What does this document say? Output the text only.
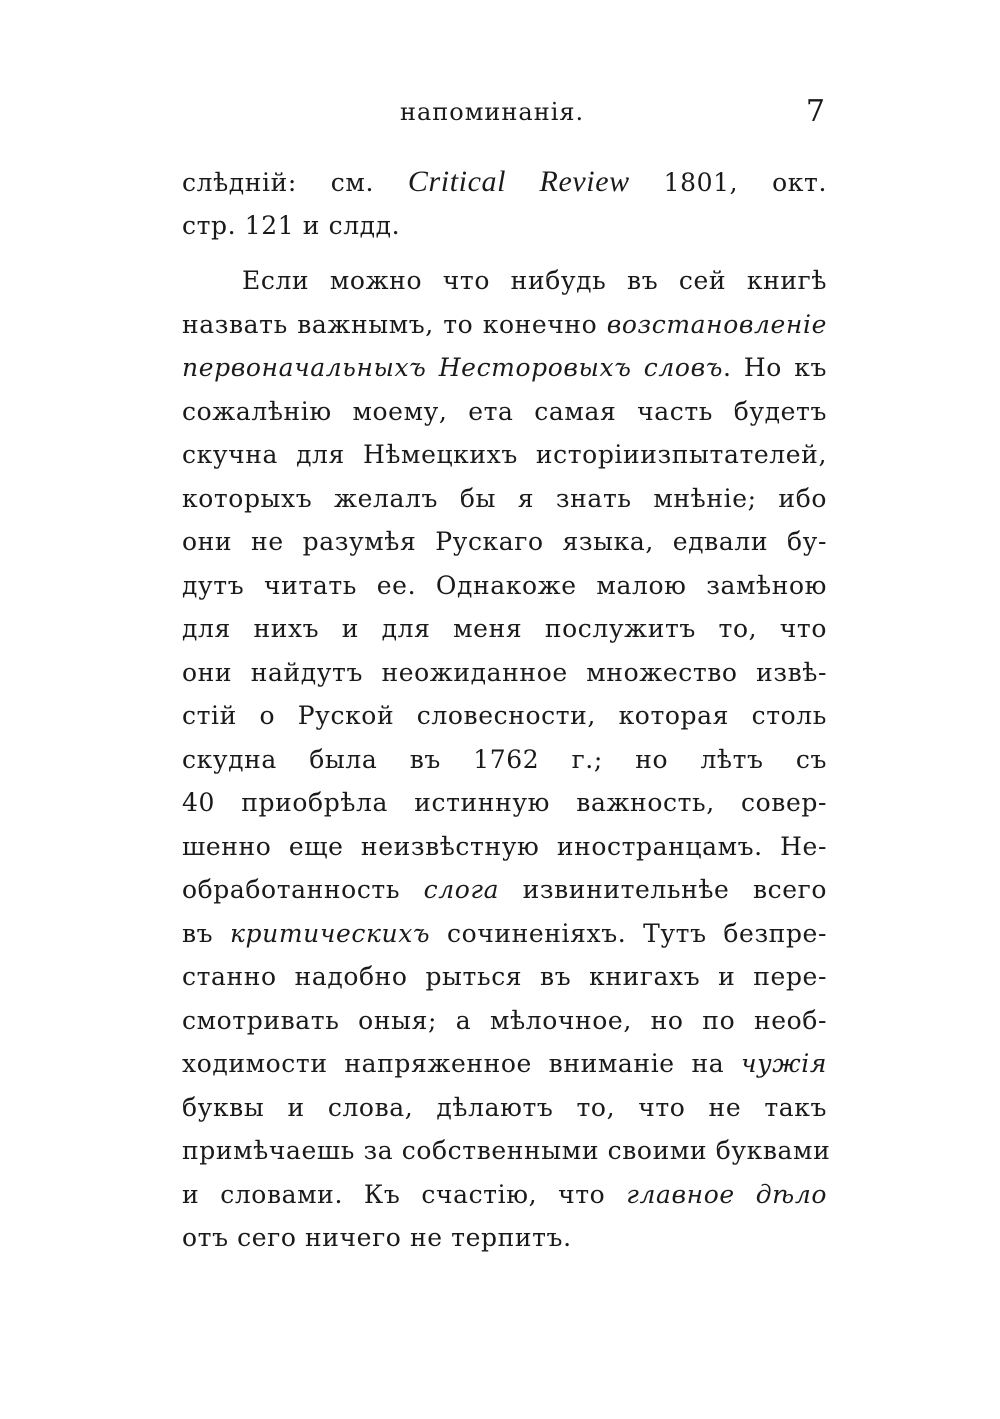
напоминанія.	7
слѣдній: см. Critical Review 1801, окт.
стр. 121 и слдд.
Если можно что нибудь въ сей книгѣ
назвать важнымъ, то конечно возстановленіе
первоначальныхъ Несторовыхъ словъ. Но къ
сожалѣнію моему, ета самая часть будетъ
скучна для Нѣмецкихъ исторіиизпытателей,
которыхъ желалъ бы я знать мнѣніе; ибо
они не разумѣя Рускаго языка, едвали бу-
дутъ читать ее. Однакоже малою замѣною
для нихъ и для меня послужитъ то, что
они найдутъ неожиданное множество извѣ-
стій о Руской словесности, которая столь
скудна была въ 1762 г.; но лѣтъ съ
40 приобрѣла истинную важность, совер-
шенно еще неизвѣстную иностранцамъ. Не-
обработанность слога извинительнѣе всего
въ критическихъ сочиненіяхъ. Тутъ безпре-
станно надобно рыться въ книгахъ и пере-
смотривать оныя; а мѣлочное, но по необ-
ходимости напряженное вниманіе на чужія
буквы и слова, дѣлаютъ то, что не такъ
примѣчаешь за собственными своими буквами
и словами. Къ счастію, что главное дѣло
отъ сего ничего не терпитъ.
